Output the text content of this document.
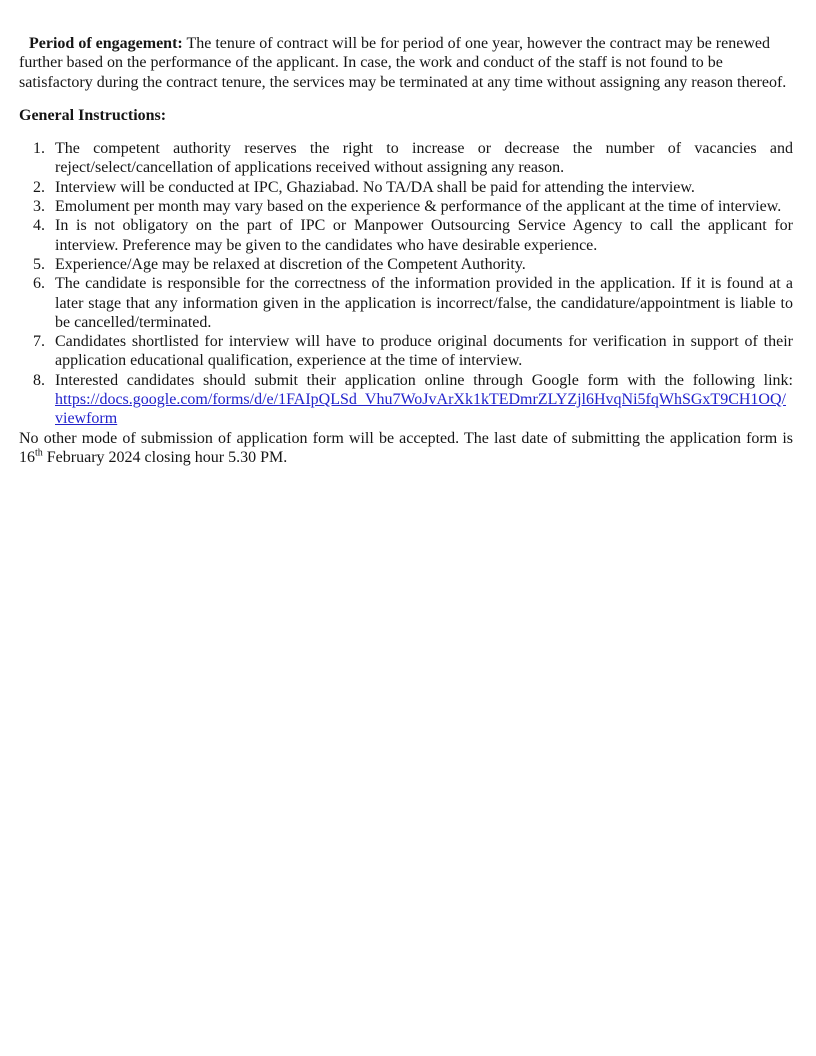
Period of engagement: The tenure of contract will be for period of one year, however the contract may be renewed further based on the performance of the applicant. In case, the work and conduct of the staff is not found to be satisfactory during the contract tenure, the services may be terminated at any time without assigning any reason thereof.

General Instructions:

1. The competent authority reserves the right to increase or decrease the number of vacancies and reject/select/cancellation of applications received without assigning any reason.
2. Interview will be conducted at IPC, Ghaziabad. No TA/DA shall be paid for attending the interview.
3. Emolument per month may vary based on the experience & performance of the applicant at the time of interview.
4. In is not obligatory on the part of IPC or Manpower Outsourcing Service Agency to call the applicant for interview. Preference may be given to the candidates who have desirable experience.
5. Experience/Age may be relaxed at discretion of the Competent Authority.
6. The candidate is responsible for the correctness of the information provided in the application. If it is found at a later stage that any information given in the application is incorrect/false, the candidature/appointment is liable to be cancelled/terminated.
7. Candidates shortlisted for interview will have to produce original documents for verification in support of their application educational qualification, experience at the time of interview.
8. Interested candidates should submit their application online through Google form with the following link: https://docs.google.com/forms/d/e/1FAIpQLSd_Vhu7WoJvArXk1kTEDmrZLYZjl6HvqNi5fqWhSGxT9CH1OQ/viewform

No other mode of submission of application form will be accepted. The last date of submitting the application form is 16th February 2024 closing hour 5.30 PM.
